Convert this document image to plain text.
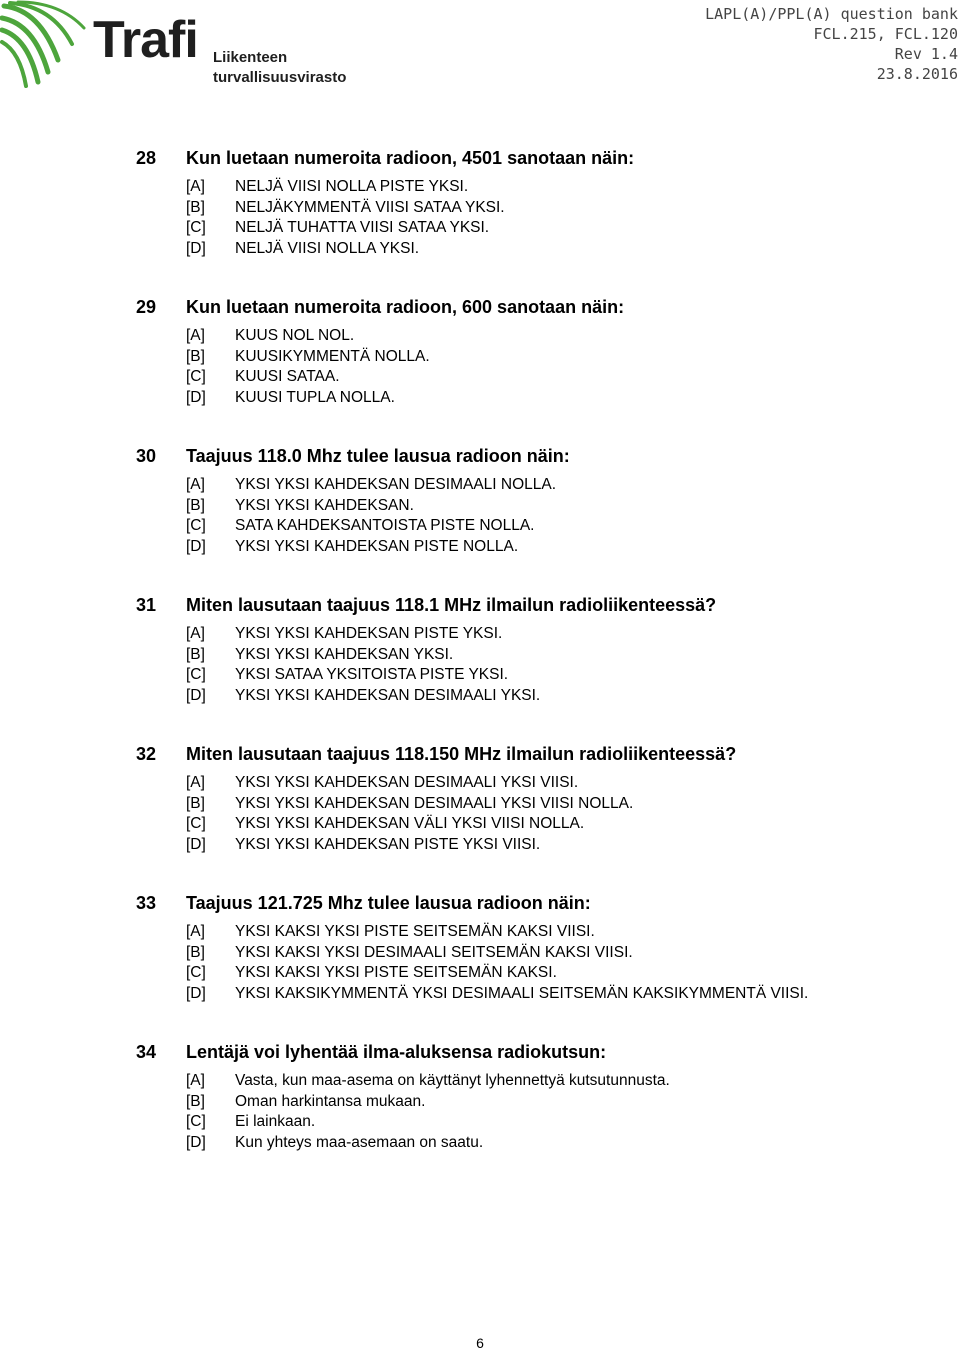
Trafi Liikenteen turvallisuusvirasto
LAPL(A)/PPL(A) question bank
FCL.215, FCL.120
Rev 1.4
23.8.2016
28	Kun luetaan numeroita radioon, 4501 sanotaan näin:
[A]	NELJÄ VIISI NOLLA PISTE YKSI.
[B]	NELJÄKYMMENTÄ VIISI SATAA YKSI.
[C]	NELJÄ TUHATTA VIISI SATAA YKSI.
[D]	NELJÄ VIISI NOLLA YKSI.
29	Kun luetaan numeroita radioon, 600 sanotaan näin:
[A]	KUUS NOL NOL.
[B]	KUUSIKYMMENTÄ NOLLA.
[C]	KUUSI SATAA.
[D]	KUUSI TUPLA NOLLA.
30	Taajuus 118.0 Mhz tulee lausua radioon näin:
[A]	YKSI YKSI KAHDEKSAN DESIMAALI NOLLA.
[B]	YKSI YKSI KAHDEKSAN.
[C]	SATA KAHDEKSANTOISTA PISTE NOLLA.
[D]	YKSI YKSI KAHDEKSAN PISTE NOLLA.
31	Miten lausutaan taajuus 118.1 MHz ilmailun radioliikenteessä?
[A]	YKSI YKSI KAHDEKSAN PISTE YKSI.
[B]	YKSI YKSI KAHDEKSAN YKSI.
[C]	YKSI SATAA YKSITOISTA PISTE YKSI.
[D]	YKSI YKSI KAHDEKSAN DESIMAALI YKSI.
32	Miten lausutaan taajuus 118.150 MHz ilmailun radioliikenteessä?
[A]	YKSI YKSI KAHDEKSAN DESIMAALI YKSI VIISI.
[B]	YKSI YKSI KAHDEKSAN DESIMAALI YKSI VIISI NOLLA.
[C]	YKSI YKSI KAHDEKSAN VÄLI YKSI VIISI NOLLA.
[D]	YKSI YKSI KAHDEKSAN PISTE YKSI VIISI.
33	Taajuus 121.725 Mhz tulee lausua radioon näin:
[A]	YKSI KAKSI YKSI PISTE SEITSEMÄN KAKSI VIISI.
[B]	YKSI KAKSI YKSI DESIMAALI SEITSEMÄN KAKSI VIISI.
[C]	YKSI KAKSI YKSI PISTE SEITSEMÄN KAKSI.
[D]	YKSI KAKSIKYMMENTÄ YKSI DESIMAALI SEITSEMÄN KAKSIKYMMENTÄ VIISI.
34	Lentäjä voi lyhentää ilma-aluksensa radiokutsun:
[A]	Vasta, kun maa-asema on käyttänyt lyhennettyä kutsutunnusta.
[B]	Oman harkintansa mukaan.
[C]	Ei lainkaan.
[D]	Kun yhteys maa-asemaan on saatu.
6
